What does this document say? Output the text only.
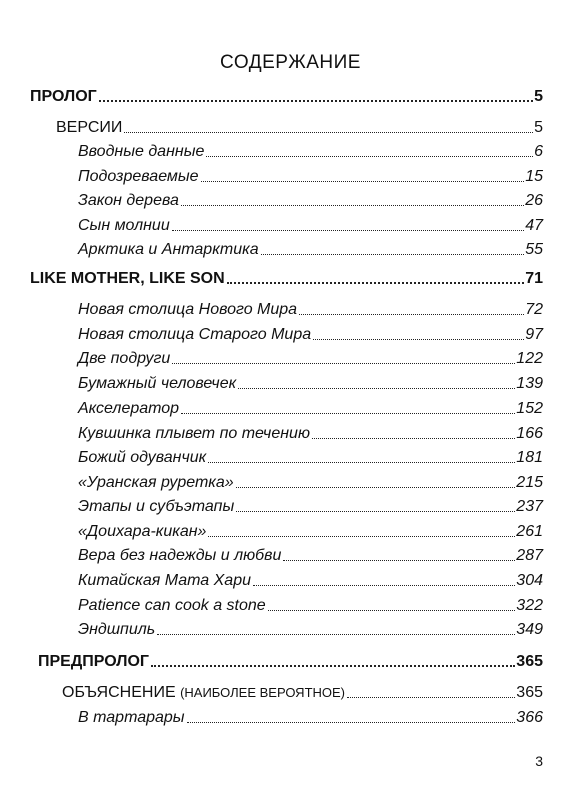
СОДЕРЖАНИЕ
ПРОЛОГ	5
ВЕРСИИ	5
Вводные данные	6
Подозреваемые	15
Закон дерева	26
Сын молнии	47
Арктика и Антарктика	55
LIKE MOTHER, LIKE SON	71
Новая столица Нового Мира	72
Новая столица Старого Мира	97
Две подруги	122
Бумажный человечек	139
Акселератор	152
Кувшинка плывет по течению	166
Божий одуванчик	181
«Уранская руретка»	215
Этапы и субъэтапы	237
«Доихара-кикан»	261
Вера без надежды и любви	287
Китайская Мата Хари	304
Patience can cook a stone	322
Эндшпиль	349
ПРЕДПРОЛОГ	365
ОБЪЯСНЕНИЕ (НАИБОЛЕЕ ВЕРОЯТНОЕ)	365
В тартарары	366
3
